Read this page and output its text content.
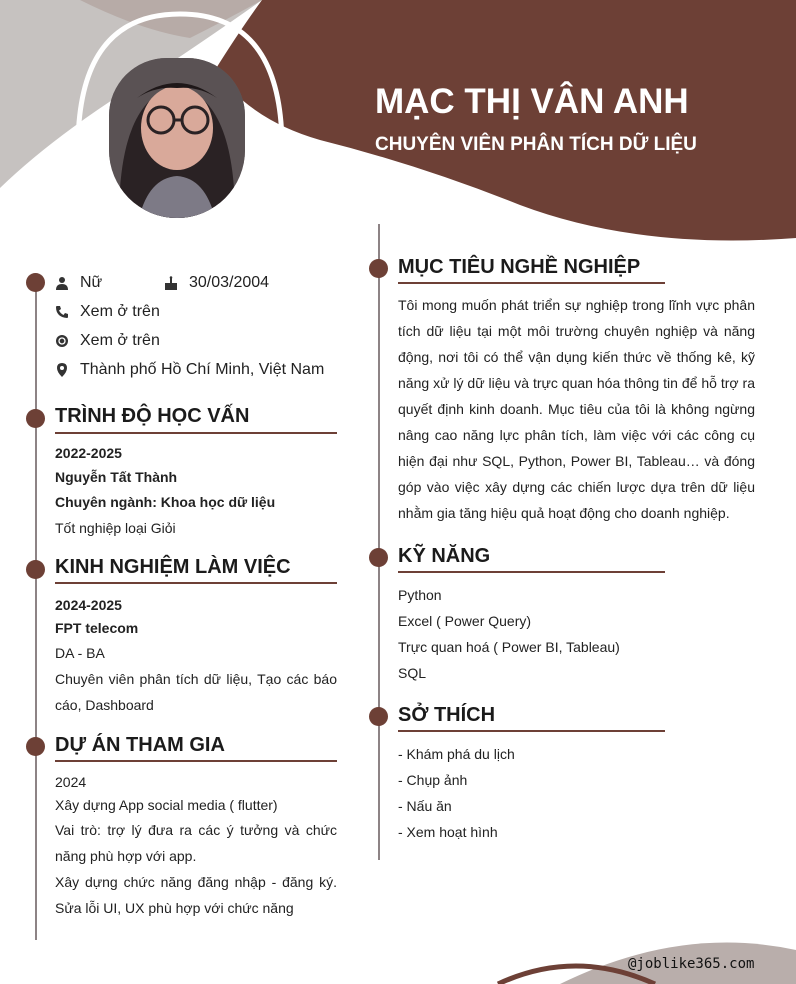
MẠC THỊ VÂN ANH
CHUYÊN VIÊN PHÂN TÍCH DỮ LIỆU
Nữ	30/03/2004
Xem ở trên
Xem ở trên
Thành phố Hồ Chí Minh, Việt Nam
TRÌNH ĐỘ HỌC VẤN
2022-2025
Nguyễn Tất Thành
Chuyên ngành: Khoa học dữ liệu
Tốt nghiệp loại Giỏi
KINH NGHIỆM LÀM VIỆC
2024-2025
FPT telecom
DA - BA
Chuyên viên phân tích dữ liệu, Tạo các báo
cáo, Dashboard
DỰ ÁN THAM GIA
2024
Xây dựng App social media ( flutter)
Vai trò: trợ lý đưa ra các ý tưởng và chức
năng phù hợp với app.
Xây dựng chức năng đăng nhập - đăng ký.
Sửa lỗi UI, UX phù hợp với chức năng
MỤC TIÊU NGHỀ NGHIỆP
Tôi mong muốn phát triển sự nghiệp trong lĩnh vực phân
tích dữ liệu tại một môi trường chuyên nghiệp và năng
động, nơi tôi có thể vận dụng kiến thức về thống kê, kỹ
năng xử lý dữ liệu và trực quan hóa thông tin để hỗ trợ ra
quyết định kinh doanh. Mục tiêu của tôi là không ngừng
nâng cao năng lực phân tích, làm việc với các công cụ
hiện đại như SQL, Python, Power BI, Tableau… và đóng
góp vào việc xây dựng các chiến lược dựa trên dữ liệu
nhằm gia tăng hiệu quả hoạt động cho doanh nghiệp.
KỸ NĂNG
Python
Excel ( Power Query)
Trực quan hoá ( Power BI, Tableau)
SQL
SỞ THÍCH
- Khám phá du lịch
- Chụp ảnh
- Nấu ăn
- Xem hoạt hình
@joblike365.com
